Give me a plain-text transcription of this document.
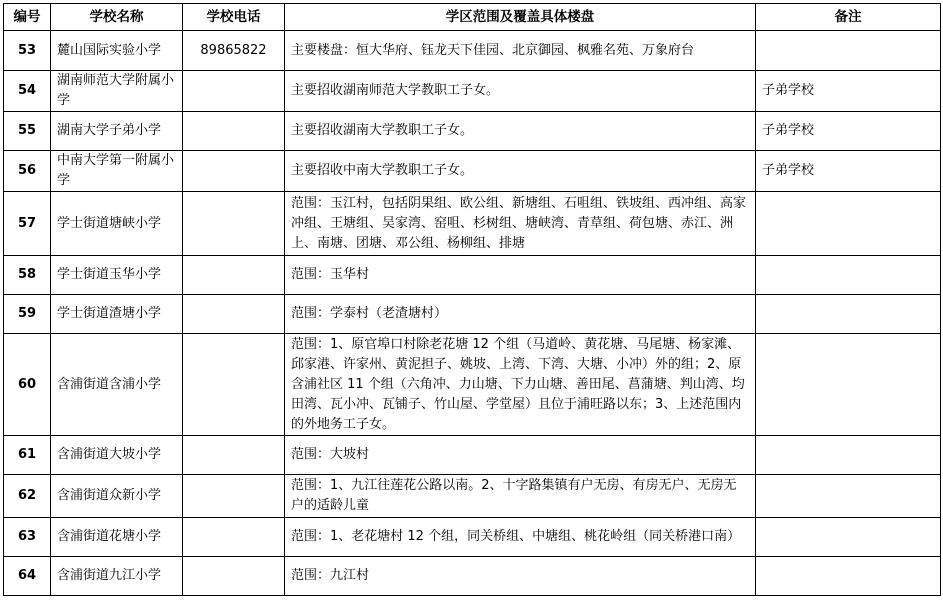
编号	学校名称	学校电话	学区范围及覆盖具体楼盘	备注
53	麓山国际实验小学	89865822	主要楼盘：恒大华府、钰龙天下佳园、北京御园、枫雅名苑、万象府台	
54	湖南师范大学附属小学		主要招收湖南师范大学教职工子女。	子弟学校
55	湖南大学子弟小学		主要招收湖南大学教职工子女。	子弟学校
56	中南大学第一附属小学		主要招收中南大学教职工子女。	子弟学校
57	学士街道塘峡小学		范围：玉江村，包括阴果组、欧公组、新塘组、石咀组、铁坡组、西冲组、高家冲组、王塘组、吴家湾、窑咀、杉树组、塘峡湾、青草组、荷包塘、赤江、洲上、南塘、团塘、邓公组、杨柳组、排塘	
58	学士街道玉华小学		范围：玉华村	
59	学士街道渣塘小学		范围：学泰村（老渣塘村）	
60	含浦街道含浦小学		范围：1、原官埠口村除老花塘 12 个组（马道岭、黄花塘、马尾塘、杨家滩、邱家港、许家州、黄泥担子、姚坡、上湾、下湾、大塘、小冲）外的组；2、原含浦社区 11 个组（六角冲、力山塘、下力山塘、善田尾、菖蒲塘、判山湾、均田湾、瓦小冲、瓦铺子、竹山屋、学堂屋）且位于浦旺路以东；3、上述范围内的外地务工子女。	
61	含浦街道大坡小学		范围：大坡村	
62	含浦街道众新小学		范围：1、九江往莲花公路以南。2、十字路集镇有户无房、有房无户、无房无户的适龄儿童	
63	含浦街道花塘小学		范围：1、老花塘村 12 个组，同关桥组、中塘组、桃花岭组（同关桥港口南）	
64	含浦街道九江小学		范围：九江村	
